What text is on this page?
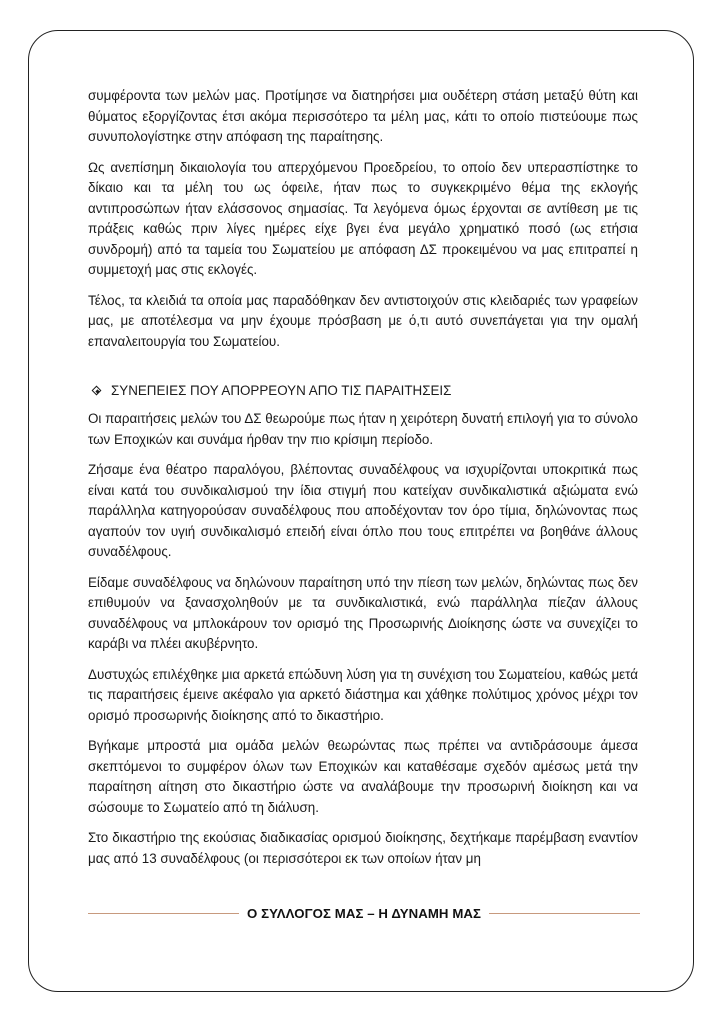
συμφέροντα των μελών μας. Προτίμησε να διατηρήσει μια ουδέτερη στάση μεταξύ θύτη και θύματος εξοργίζοντας έτσι ακόμα περισσότερο τα μέλη μας, κάτι το οποίο πιστεύουμε πως συνυπολογίστηκε στην απόφαση της παραίτησης.

Ως ανεπίσημη δικαιολογία του απερχόμενου Προεδρείου, το οποίο δεν υπερασπίστηκε το δίκαιο και τα μέλη του ως όφειλε, ήταν πως το συγκεκριμένο θέμα της εκλογής αντιπροσώπων ήταν ελάσσονος σημασίας. Τα λεγόμενα όμως έρχονται σε αντίθεση με τις πράξεις καθώς πριν λίγες ημέρες είχε βγει ένα μεγάλο χρηματικό ποσό (ως ετήσια συνδρομή) από τα ταμεία του Σωματείου με απόφαση ΔΣ προκειμένου να μας επιτραπεί η συμμετοχή μας στις εκλογές.

Τέλος, τα κλειδιά τα οποία μας παραδόθηκαν δεν αντιστοιχούν στις κλειδαριές των γραφείων μας, με αποτέλεσμα να μην έχουμε πρόσβαση με ό,τι αυτό συνεπάγεται για την ομαλή επαναλειτουργία του Σωματείου.

ΣΥΝΕΠΕΙΕΣ ΠΟΥ ΑΠΟΡΡΕΟΥΝ ΑΠΟ ΤΙΣ ΠΑΡΑΙΤΗΣΕΙΣ

Οι παραιτήσεις μελών του ΔΣ θεωρούμε πως ήταν η χειρότερη δυνατή επιλογή για το σύνολο των Εποχικών και συνάμα ήρθαν την πιο κρίσιμη περίοδο.

Ζήσαμε ένα θέατρο παραλόγου, βλέποντας συναδέλφους να ισχυρίζονται υποκριτικά πως είναι κατά του συνδικαλισμού την ίδια στιγμή που κατείχαν συνδικαλιστικά αξιώματα ενώ παράλληλα κατηγορούσαν συναδέλφους που αποδέχονταν τον όρο τίμια, δηλώνοντας πως αγαπούν τον υγιή συνδικαλισμό επειδή είναι όπλο που τους επιτρέπει να βοηθάνε άλλους συναδέλφους.

Είδαμε συναδέλφους να δηλώνουν παραίτηση υπό την πίεση των μελών, δηλώντας πως δεν επιθυμούν να ξανασχοληθούν με τα συνδικαλιστικά, ενώ παράλληλα πίεζαν άλλους συναδέλφους να μπλοκάρουν τον ορισμό της Προσωρινής Διοίκησης ώστε να συνεχίζει το καράβι να πλέει ακυβέρνητο.

Δυστυχώς επιλέχθηκε μια αρκετά επώδυνη λύση για τη συνέχιση του Σωματείου, καθώς μετά τις παραιτήσεις έμεινε ακέφαλο για αρκετό διάστημα και χάθηκε πολύτιμος χρόνος μέχρι τον ορισμό προσωρινής διοίκησης από το δικαστήριο.

Βγήκαμε μπροστά μια ομάδα μελών θεωρώντας πως πρέπει να αντιδράσουμε άμεσα σκεπτόμενοι το συμφέρον όλων των Εποχικών και καταθέσαμε σχεδόν αμέσως μετά την παραίτηση αίτηση στο δικαστήριο ώστε να αναλάβουμε την προσωρινή διοίκηση και να σώσουμε το Σωματείο από τη διάλυση.

Στο δικαστήριο της εκούσιας διαδικασίας ορισμού διοίκησης, δεχτήκαμε παρέμβαση εναντίον μας από 13 συναδέλφους (οι περισσότεροι εκ των οποίων ήταν μη

Ο ΣΥΛΛΟΓΟΣ ΜΑΣ – Η ΔΥΝΑΜΗ ΜΑΣ
